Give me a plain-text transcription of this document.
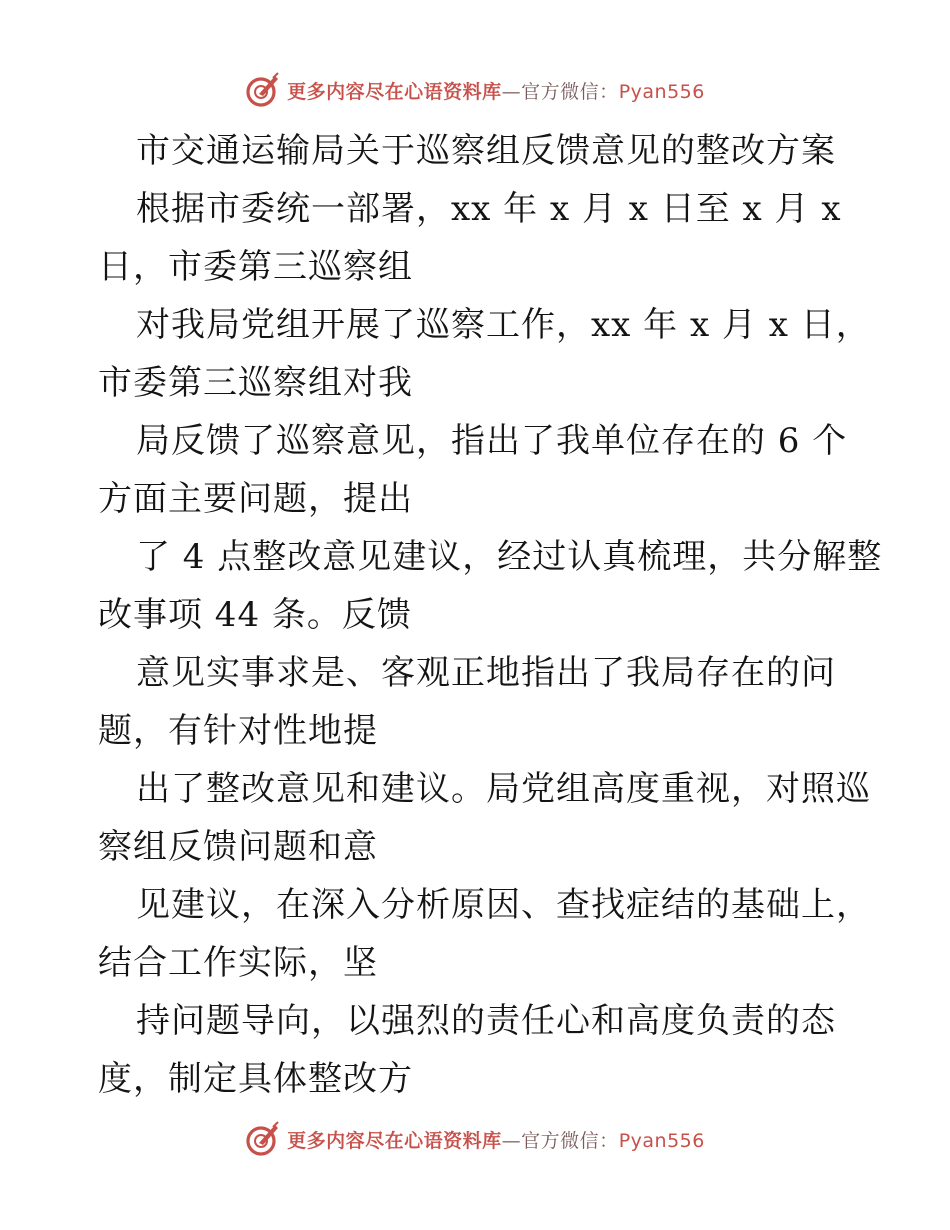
更多内容尽在心语资料库—官方微信：Pyan556
市交通运输局关于巡察组反馈意见的整改方案
根据市委统一部署，xx 年 x 月 x 日至 x 月 x
日，市委第三巡察组
对我局党组开展了巡察工作，xx 年 x 月 x 日，
市委第三巡察组对我
局反馈了巡察意见，指出了我单位存在的 6 个
方面主要问题，提出
了 4 点整改意见建议，经过认真梳理，共分解整
改事项 44 条。反馈
意见实事求是、客观正地指出了我局存在的问
题，有针对性地提
出了整改意见和建议。局党组高度重视，对照巡
察组反馈问题和意
见建议，在深入分析原因、查找症结的基础上，
结合工作实际，坚
持问题导向，以强烈的责任心和高度负责的态
度，制定具体整改方
更多内容尽在心语资料库—官方微信：Pyan556
